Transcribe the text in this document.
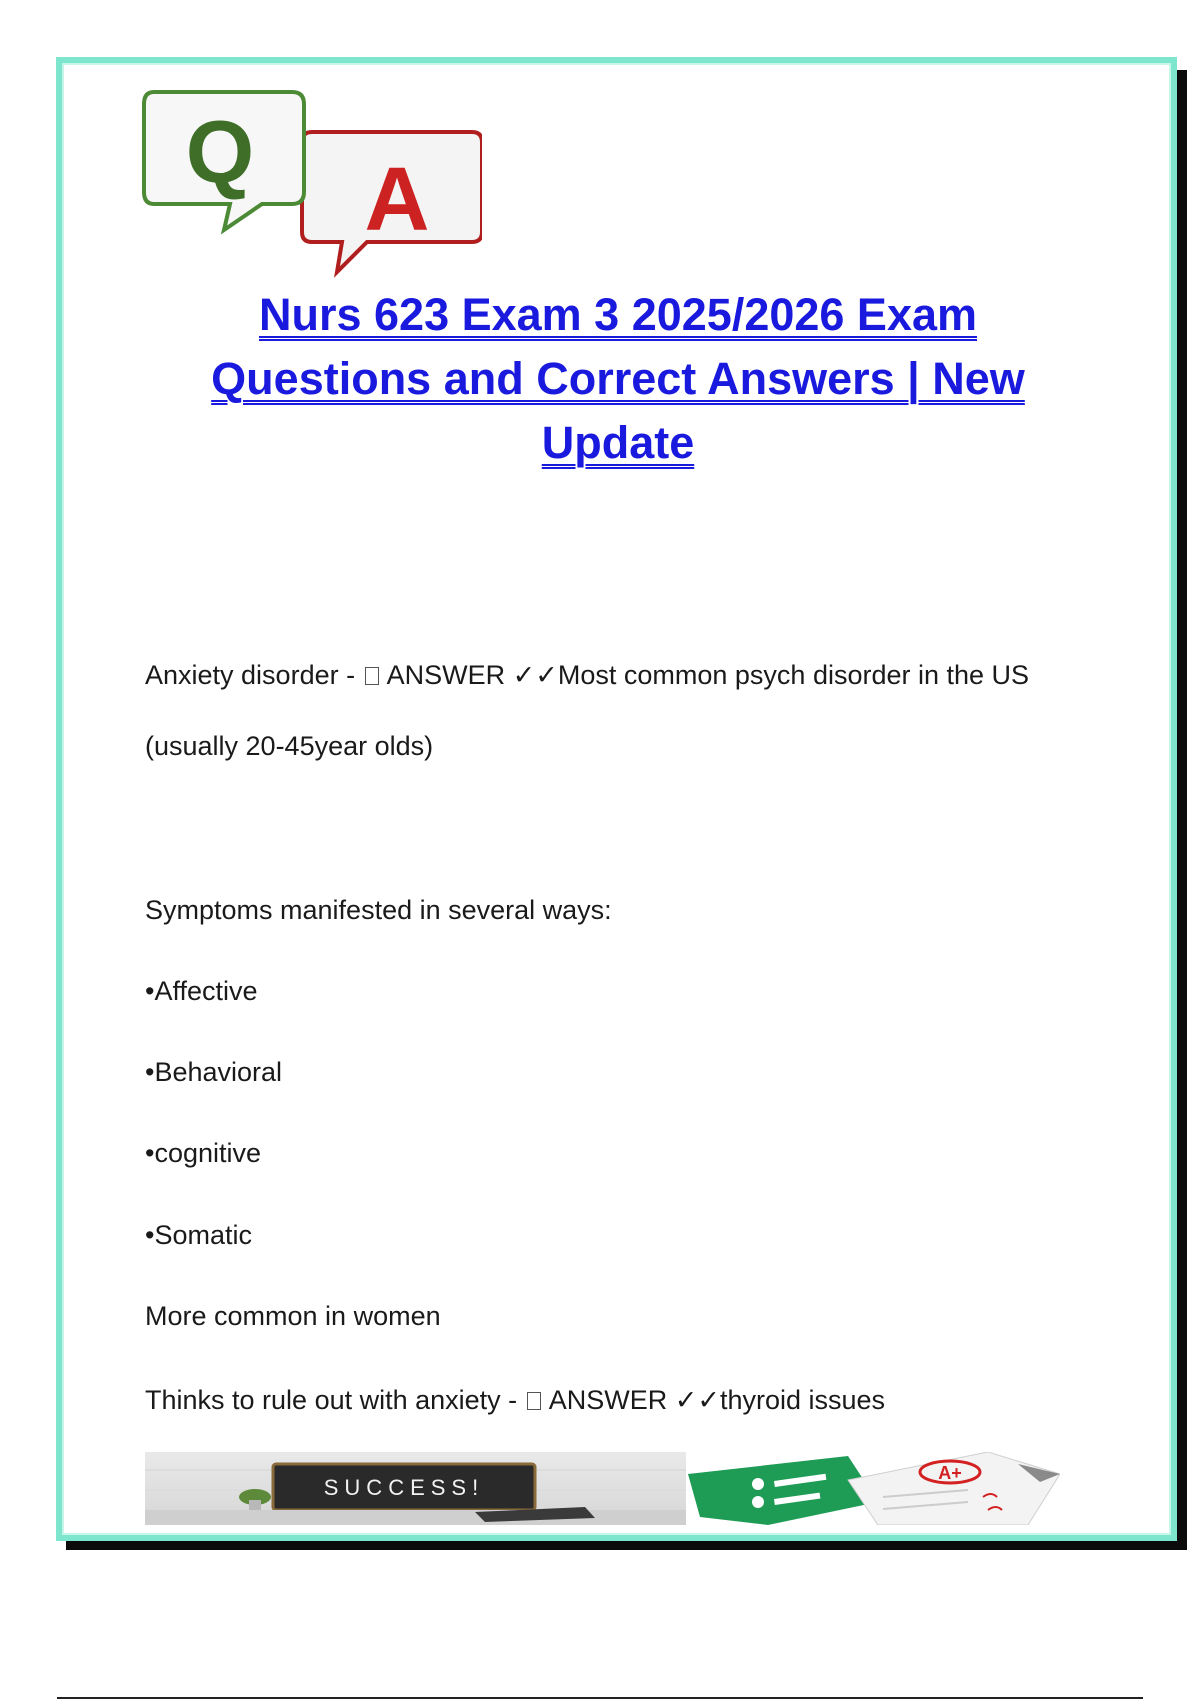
A
Q
Nurs 623 Exam 3 2025/2026 Exam Questions and Correct Answers | New Update

Anxiety disorder -  ANSWER ✓✓Most common psych disorder in the US

(usually 20-45year olds)

Symptoms manifested in several ways:

•Affective

•Behavioral

•cognitive

•Somatic

More common in women

Thinks to rule out with anxiety -  ANSWER ✓✓thyroid issues

SUCCESS!
A+
